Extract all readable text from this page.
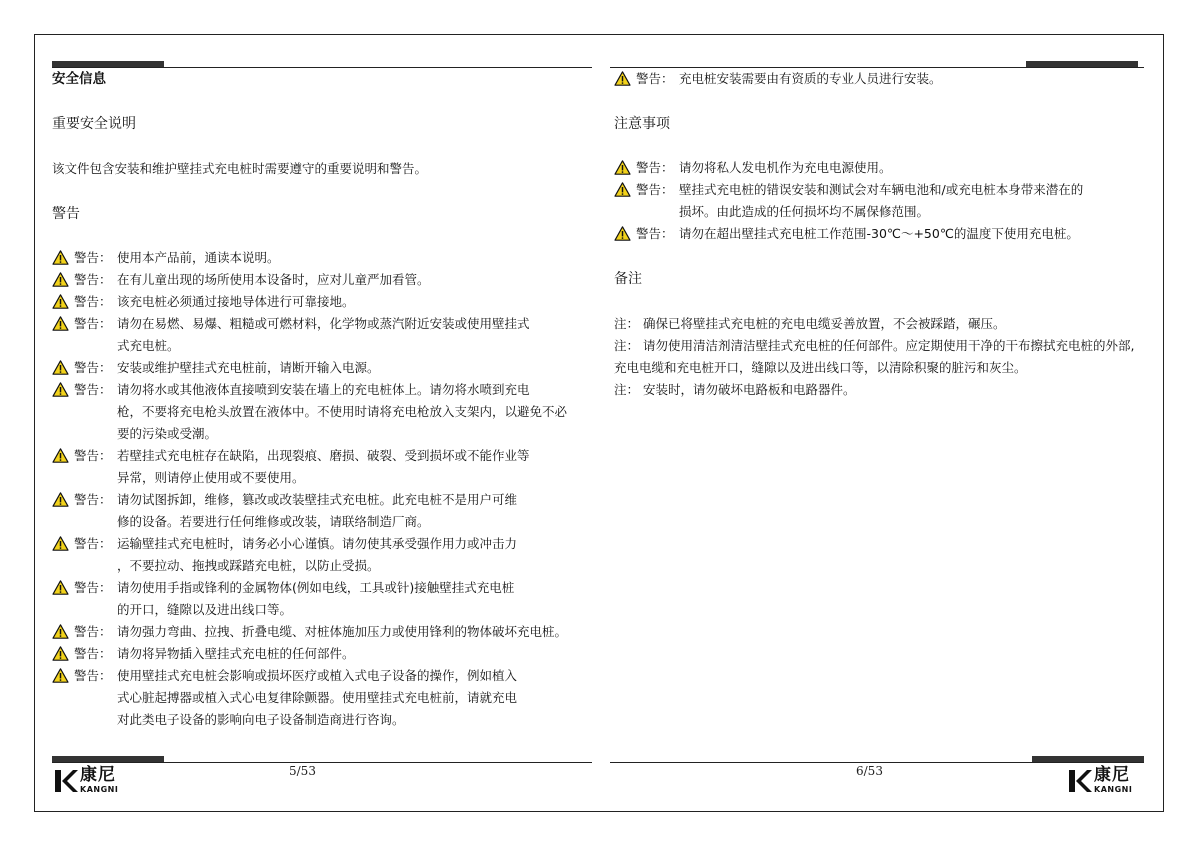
安全信息
重要安全说明
该文件包含安装和维护壁挂式充电桩时需要遵守的重要说明和警告。
警告
警告： 使用本产品前，通读本说明。
警告： 在有儿童出现的场所使用本设备时，应对儿童严加看管。
警告： 该充电桩必须通过接地导体进行可靠接地。
警告： 请勿在易燃、易爆、粗糙或可燃材料，化学物或蒸汽附近安装或使用壁挂式
式充电桩。
警告： 安装或维护壁挂式充电桩前，请断开输入电源。
警告： 请勿将水或其他液体直接喷到安装在墙上的充电桩体上。请勿将水喷到充电
枪，不要将充电枪头放置在液体中。不使用时请将充电枪放入支架内，以避免不必
要的污染或受潮。
警告： 若壁挂式充电桩存在缺陷，出现裂痕、磨损、破裂、受到损坏或不能作业等
异常，则请停止使用或不要使用。
警告： 请勿试图拆卸，维修，篡改或改装壁挂式充电桩。此充电桩不是用户可维
修的设备。若要进行任何维修或改装，请联络制造厂商。
警告： 运输壁挂式充电桩时，请务必小心谨慎。请勿使其承受强作用力或冲击力
，不要拉动、拖拽或踩踏充电桩，以防止受损。
警告： 请勿使用手指或锋利的金属物体(例如电线，工具或针)接触壁挂式充电桩
的开口，缝隙以及进出线口等。
警告： 请勿强力弯曲、拉拽、折叠电缆、对桩体施加压力或使用锋利的物体破坏充电桩。
警告： 请勿将异物插入壁挂式充电桩的任何部件。
警告： 使用壁挂式充电桩会影响或损坏医疗或植入式电子设备的操作，例如植入
式心脏起搏器或植入式心电复律除颤器。使用壁挂式充电桩前，请就充电
对此类电子设备的影响向电子设备制造商进行咨询。
警告： 充电桩安装需要由有资质的专业人员进行安装。
注意事项
警告： 请勿将私人发电机作为充电电源使用。
警告： 壁挂式充电桩的错误安装和测试会对车辆电池和/或充电桩本身带来潜在的
损坏。由此造成的任何损坏均不属保修范围。
警告： 请勿在超出壁挂式充电桩工作范围-30℃～+50℃的温度下使用充电桩。
备注
注： 确保已将壁挂式充电桩的充电电缆妥善放置，不会被踩踏，碾压。
注： 请勿使用清洁剂清洁壁挂式充电桩的任何部件。应定期使用干净的干布擦拭充电桩的外部,
充电电缆和充电桩开口，缝隙以及进出线口等，以清除积聚的脏污和灰尘。
注： 安装时，请勿破坏电路板和电路器件。
5/53	6/53
康尼
KANGNI
康尼
KANGNI
